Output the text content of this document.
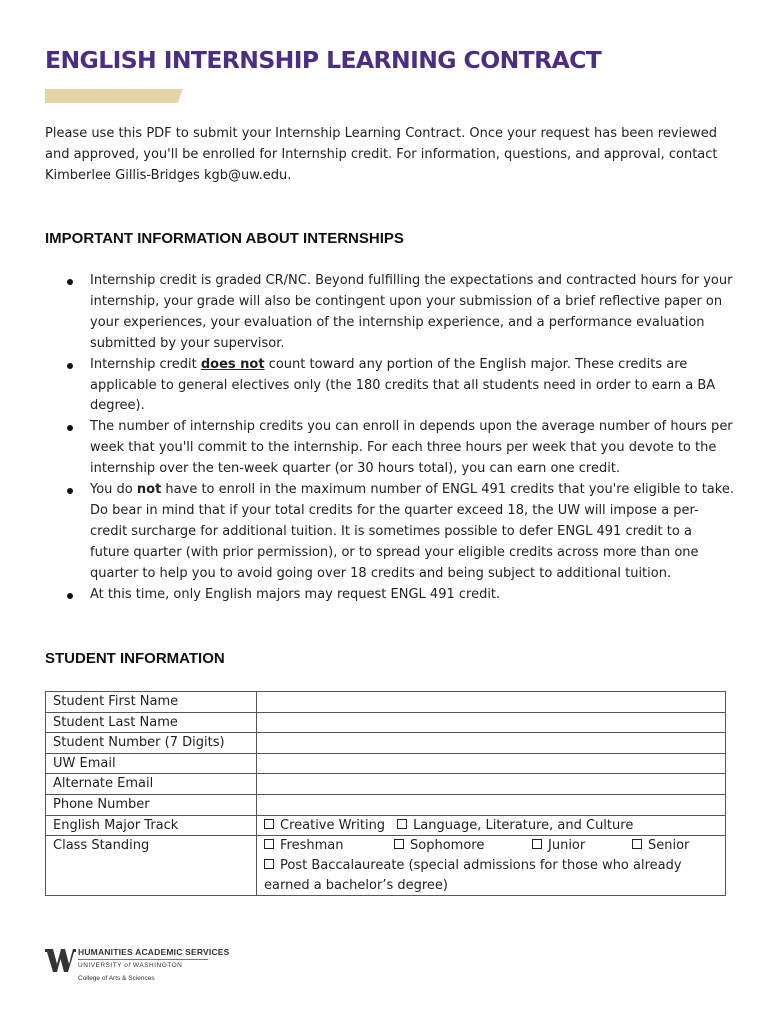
ENGLISH INTERNSHIP LEARNING CONTRACT

Please use this PDF to submit your Internship Learning Contract. Once your request has been reviewed and approved, you'll be enrolled for Internship credit. For information, questions, and approval, contact Kimberlee Gillis-Bridges kgb@uw.edu.

IMPORTANT INFORMATION ABOUT INTERNSHIPS
Internship credit is graded CR/NC. Beyond fulfilling the expectations and contracted hours for your internship, your grade will also be contingent upon your submission of a brief reflective paper on your experiences, your evaluation of the internship experience, and a performance evaluation submitted by your supervisor.
Internship credit does not count toward any portion of the English major. These credits are applicable to general electives only (the 180 credits that all students need in order to earn a BA degree).
The number of internship credits you can enroll in depends upon the average number of hours per week that you'll commit to the internship. For each three hours per week that you devote to the internship over the ten-week quarter (or 30 hours total), you can earn one credit.
You do not have to enroll in the maximum number of ENGL 491 credits that you're eligible to take. Do bear in mind that if your total credits for the quarter exceed 18, the UW will impose a per-credit surcharge for additional tuition. It is sometimes possible to defer ENGL 491 credit to a future quarter (with prior permission), or to spread your eligible credits across more than one quarter to help you to avoid going over 18 credits and being subject to additional tuition.
At this time, only English majors may request ENGL 491 credit.
STUDENT INFORMATION
Student First Name	
Student Last Name	
Student Number (7 Digits)	
UW Email	
Alternate Email	
Phone Number	
English Major Track	Creative Writing Language, Literature, and Culture
Class Standing	Freshman Sophomore Junior Senior
Post Baccalaureate (special admissions for those who already earned a bachelor’s degree)
HUMANITIES ACADEMIC SERVICES
UNIVERSITY of WASHINGTON
College of Arts & Sciences
